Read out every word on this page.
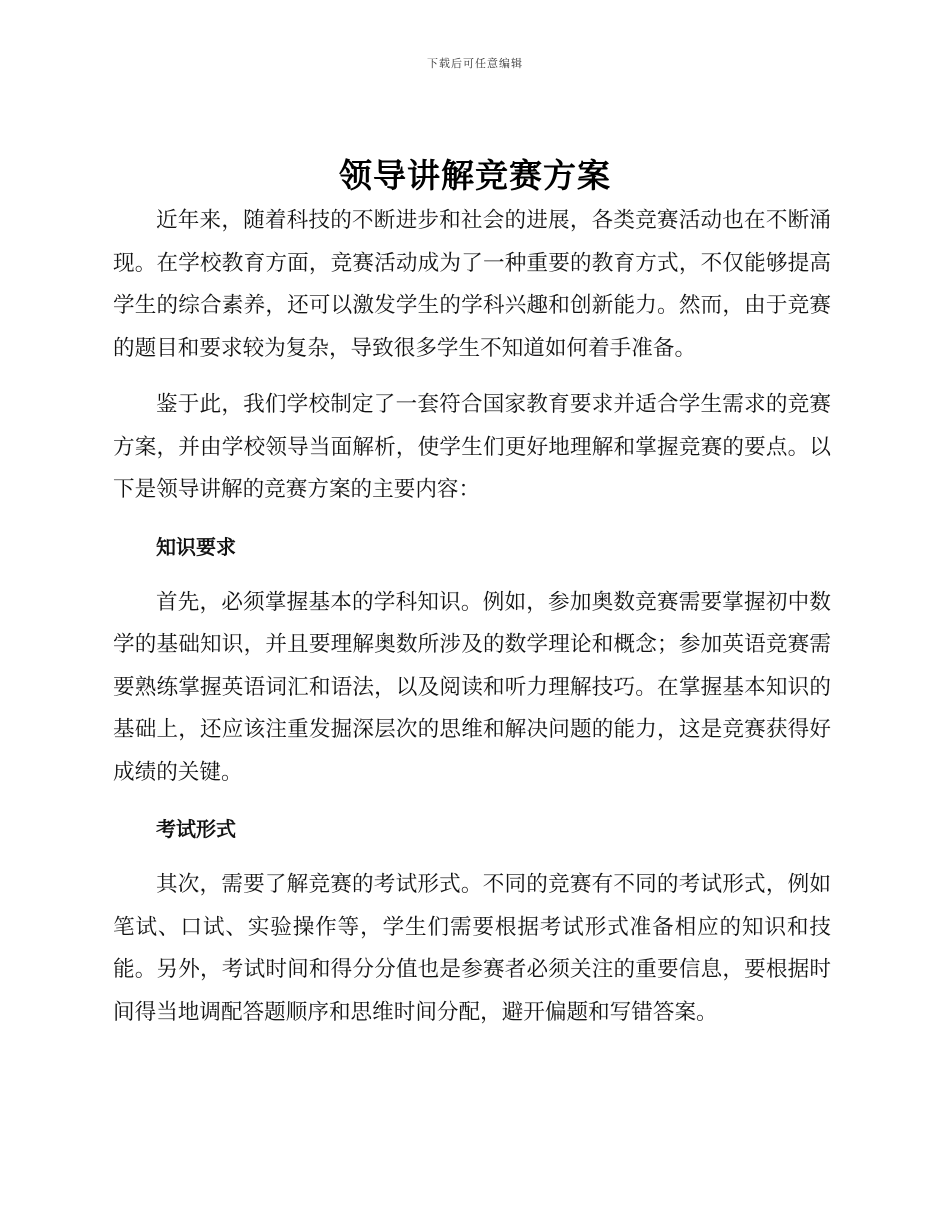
下载后可任意编辑
领导讲解竞赛方案

近年来，随着科技的不断进步和社会的进展，各类竞赛活动也在不断涌现。在学校教育方面，竞赛活动成为了一种重要的教育方式，不仅能够提高学生的综合素养，还可以激发学生的学科兴趣和创新能力。然而，由于竞赛的题目和要求较为复杂，导致很多学生不知道如何着手准备。

鉴于此，我们学校制定了一套符合国家教育要求并适合学生需求的竞赛方案，并由学校领导当面解析，使学生们更好地理解和掌握竞赛的要点。以下是领导讲解的竞赛方案的主要内容：

知识要求

首先，必须掌握基本的学科知识。例如，参加奥数竞赛需要掌握初中数学的基础知识，并且要理解奥数所涉及的数学理论和概念；参加英语竞赛需要熟练掌握英语词汇和语法，以及阅读和听力理解技巧。在掌握基本知识的基础上，还应该注重发掘深层次的思维和解决问题的能力，这是竞赛获得好成绩的关键。

考试形式

其次，需要了解竞赛的考试形式。不同的竞赛有不同的考试形式，例如笔试、口试、实验操作等，学生们需要根据考试形式准备相应的知识和技能。另外，考试时间和得分分值也是参赛者必须关注的重要信息，要根据时间得当地调配答题顺序和思维时间分配，避开偏题和写错答案。
